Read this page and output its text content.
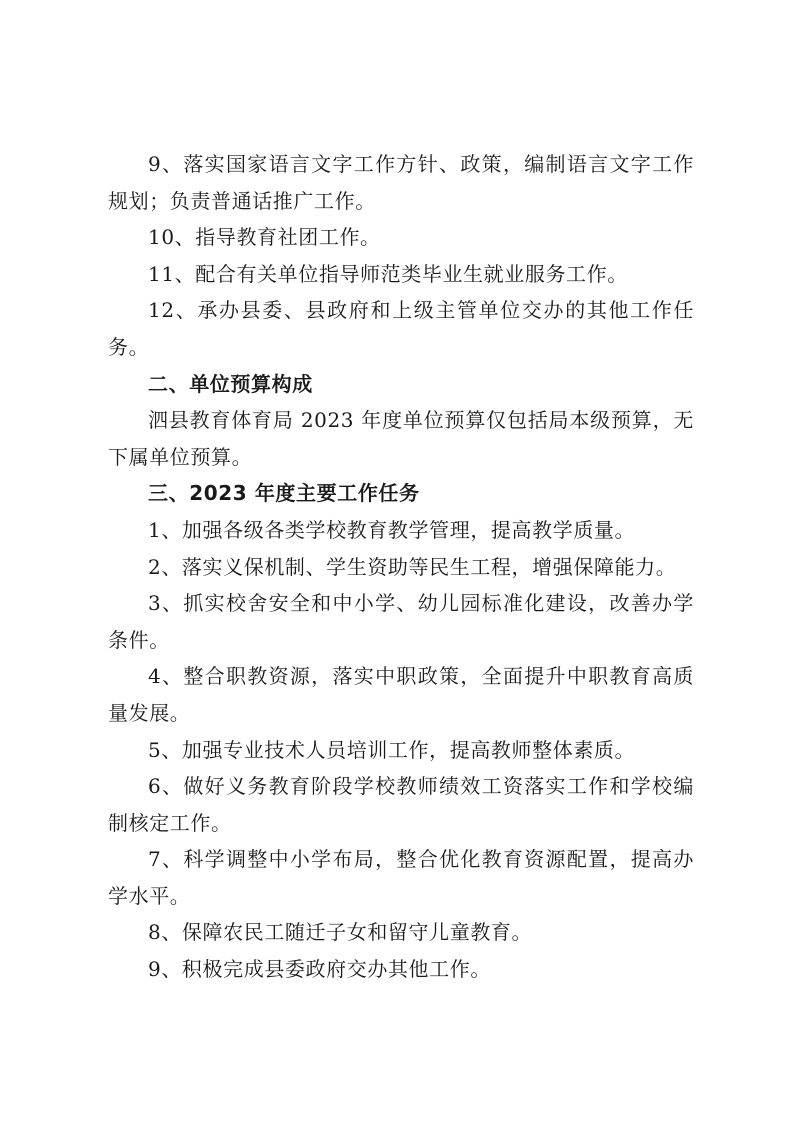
9、落实国家语言文字工作方针、政策，编制语言文字工作规划；负责普通话推广工作。

10、指导教育社团工作。

11、配合有关单位指导师范类毕业生就业服务工作。

12、承办县委、县政府和上级主管单位交办的其他工作任务。

二、单位预算构成

泗县教育体育局 2023 年度单位预算仅包括局本级预算，无下属单位预算。

三、2023 年度主要工作任务

1、加强各级各类学校教育教学管理，提高教学质量。

2、落实义保机制、学生资助等民生工程，增强保障能力。

3、抓实校舍安全和中小学、幼儿园标准化建设，改善办学条件。

4、整合职教资源，落实中职政策，全面提升中职教育高质量发展。

5、加强专业技术人员培训工作，提高教师整体素质。

6、做好义务教育阶段学校教师绩效工资落实工作和学校编制核定工作。

7、科学调整中小学布局，整合优化教育资源配置，提高办学水平。

8、保障农民工随迁子女和留守儿童教育。

9、积极完成县委政府交办其他工作。
